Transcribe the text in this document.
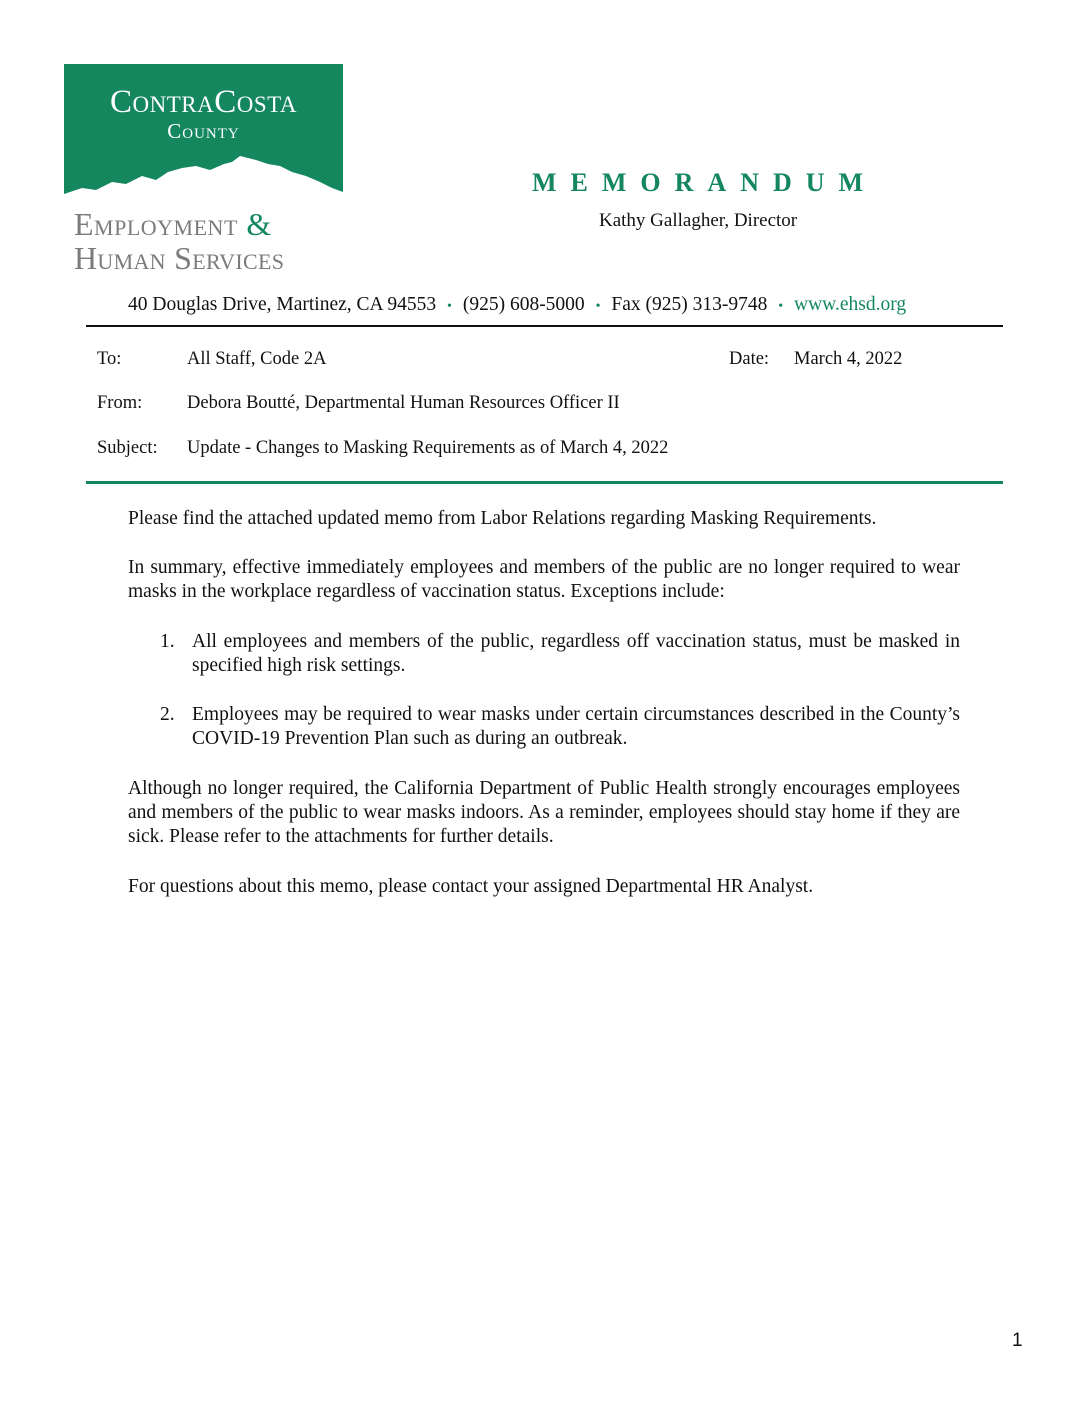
ContraCosta
County
Employment &
Human Services
MEMORANDUM
Kathy Gallagher, Director
40 Douglas Drive, Martinez, CA 94553 • (925) 608-5000 • Fax (925) 313-9748 • www.ehsd.org
To:	All Staff, Code 2A	Date: March 4, 2022
From: Debora Boutté, Departmental Human Resources Officer II
Subject: Update - Changes to Masking Requirements as of March 4, 2022
Please find the attached updated memo from Labor Relations regarding Masking Requirements.
In summary, effective immediately employees and members of the public are no longer required to wear masks in the workplace regardless of vaccination status. Exceptions include:
1. All employees and members of the public, regardless off vaccination status, must be masked in specified high risk settings.
2. Employees may be required to wear masks under certain circumstances described in the County’s COVID-19 Prevention Plan such as during an outbreak.
Although no longer required, the California Department of Public Health strongly encourages employees and members of the public to wear masks indoors. As a reminder, employees should stay home if they are sick. Please refer to the attachments for further details.
For questions about this memo, please contact your assigned Departmental HR Analyst.
1
